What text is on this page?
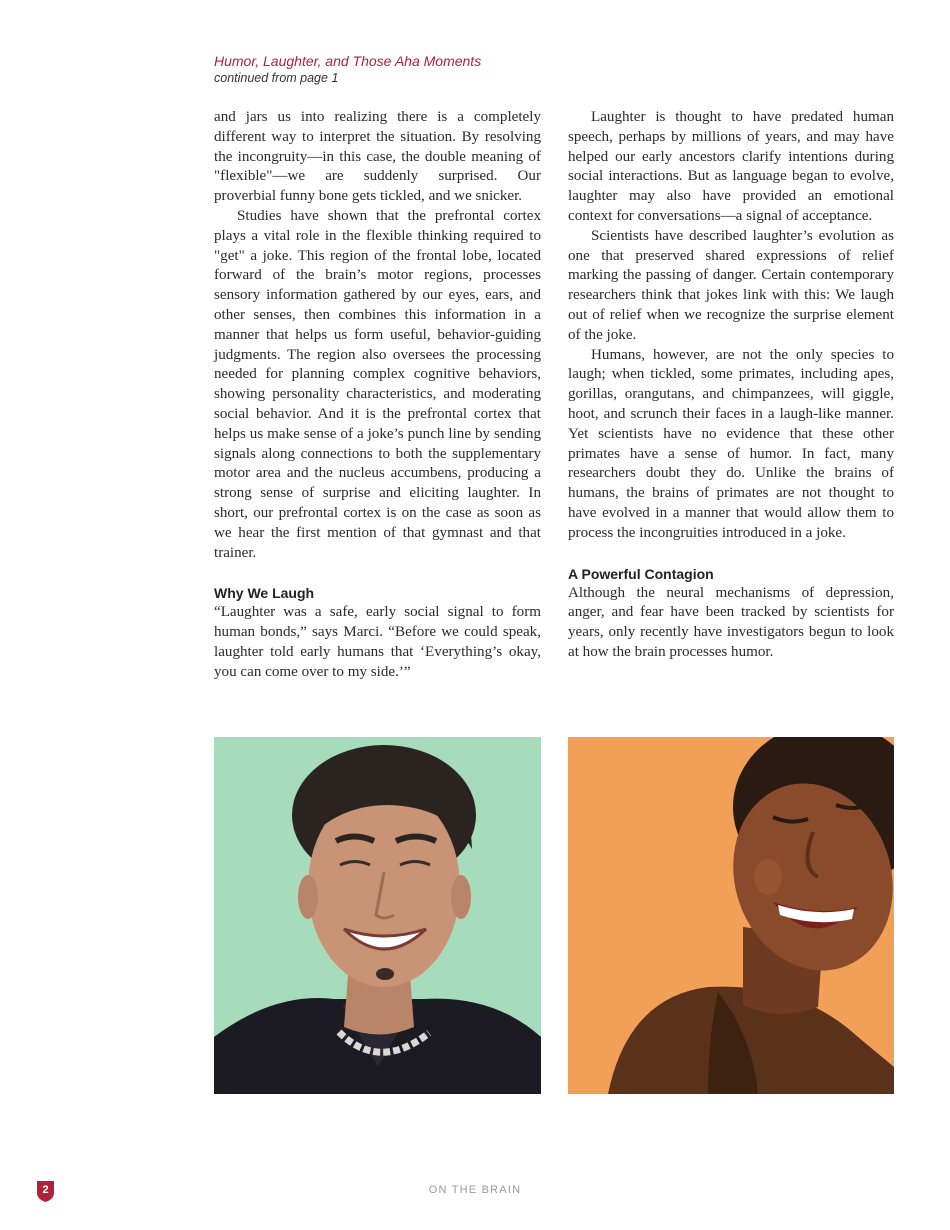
Humor, Laughter, and Those Aha Moments
continued from page 1

and jars us into realizing there is a completely different way to interpret the situation. By resolving the incongruity—in this case, the double meaning of "flexible"—we are suddenly surprised. Our proverbial funny bone gets tickled, and we snicker.

Studies have shown that the prefrontal cortex plays a vital role in the flexible thinking required to "get" a joke. This region of the frontal lobe, located forward of the brain’s motor regions, processes sensory information gathered by our eyes, ears, and other senses, then combines this information in a manner that helps us form useful, behavior-guiding judgments. The region also oversees the processing needed for planning complex cognitive behaviors, showing personality characteristics, and moderating social behavior. And it is the prefrontal cortex that helps us make sense of a joke’s punch line by sending signals along connections to both the supplementary motor area and the nucleus accumbens, producing a strong sense of surprise and eliciting laughter. In short, our prefrontal cortex is on the case as soon as we hear the first mention of that gymnast and that trainer.

Why We Laugh

“Laughter was a safe, early social signal to form human bonds,” says Marci. “Before we could speak, laughter told early humans that ‘Everything’s okay, you can come over to my side.’”

Laughter is thought to have predated human speech, perhaps by millions of years, and may have helped our early ancestors clarify intentions during social interactions. But as language began to evolve, laughter may also have provided an emotional context for conversations—a signal of acceptance.

Scientists have described laughter’s evolution as one that preserved shared expressions of relief marking the passing of danger. Certain contemporary researchers think that jokes link with this: We laugh out of relief when we recognize the surprise element of the joke.

Humans, however, are not the only species to laugh; when tickled, some primates, including apes, gorillas, orangutans, and chimpanzees, will giggle, hoot, and scrunch their faces in a laugh-like manner. Yet scientists have no evidence that these other primates have a sense of humor. In fact, many researchers doubt they do. Unlike the brains of humans, the brains of primates are not thought to have evolved in a manner that would allow them to process the incongruities introduced in a joke.

A Powerful Contagion

Although the neural mechanisms of depression, anger, and fear have been tracked by scientists for years, only recently have investigators begun to look at how the brain processes humor.

2	ON THE BRAIN
